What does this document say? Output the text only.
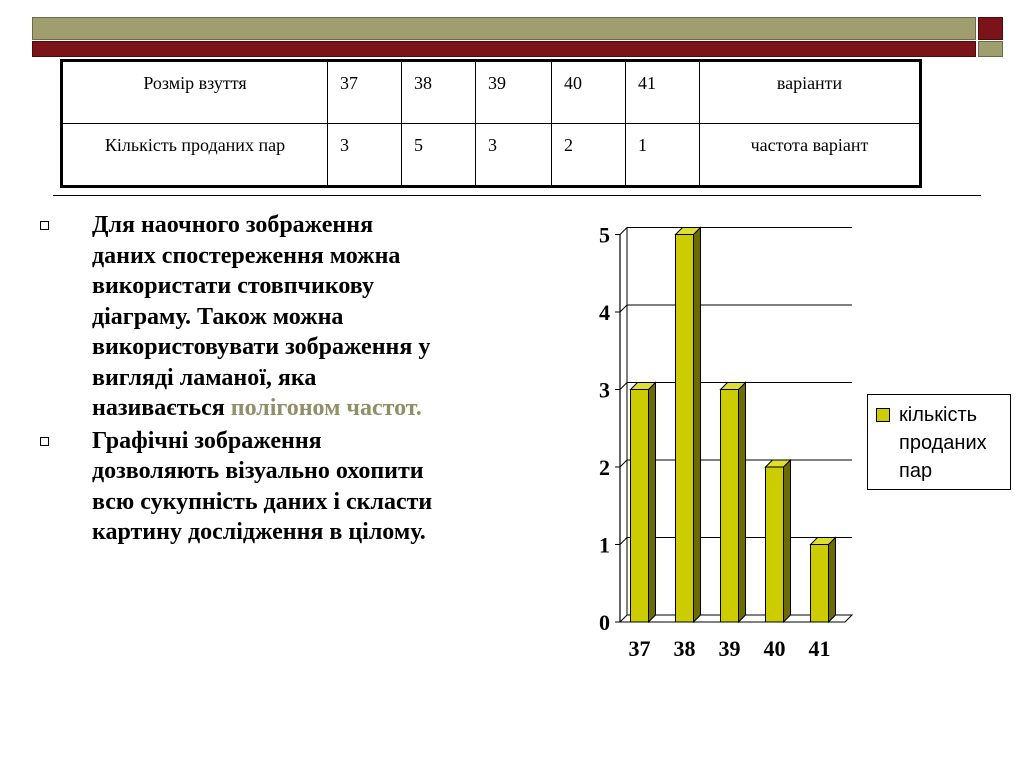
Розмір взуття	37	38	39	40	41	варіанти
Кількість проданих пар	3	5	3	2	1	частота варіант
Для наочного зображення даних спостереження можна використати стовпчикову діаграму. Також можна використовувати зображення у вигляді ламаної, яка називається полігоном частот.
Графічні зображення дозволяють візуально охопити всю сукупність даних і скласти картину дослідження в цілому.
0
1
2
3
4
5
37 38 39 40 41
кількість проданих пар
